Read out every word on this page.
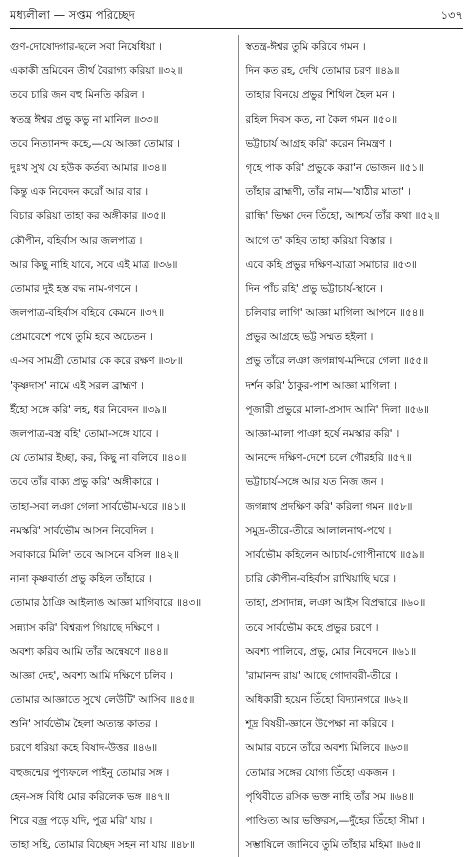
মধ্যলীলা — সপ্তম পরিচ্ছেদ	১৩৭
গুণ-দোষোদ্গার-ছলে সবা নিষেধিয়া ।
একাকী ভ্রমিবেন তীর্থ বৈরাগ্য করিয়া ॥৩২॥
তবে চারি জন বহু মিনতি করিল ।
স্বতন্ত্র ঈশ্বর প্রভু কভু না মানিল ॥৩৩॥
তবে নিত্যানন্দ কহে,—যে আজ্ঞা তোমার ।
দুঃখ সুখ যে হউক কর্তব্য আমার ॥৩৪॥
কিন্তু এক নিবেদন করোঁ আর বার ।
বিচার করিয়া তাহা কর অঙ্গীকার ॥৩৫॥
কৌপীন, বহির্বাস আর জলপাত্র ।
আর কিছু নাহি যাবে, সবে এই মাত্র ॥৩৬॥
তোমার দুই হস্ত বদ্ধ নাম-গণনে ।
জলপাত্র-বহির্বাস বহিবে কেমনে ॥৩৭॥
প্রেমাবেশে পথে তুমি হবে অচেতন ।
এ-সব সামগ্রী তোমার কে করে রক্ষণ ॥৩৮॥
'কৃষ্ণদাস' নামে এই সরল ব্রাহ্মণ ।
ইঁহো সঙ্গে করি' লহ, ধর নিবেদন ॥৩৯॥
জলপাত্র-বস্ত্র বহি' তোমা-সঙ্গে যাবে ।
যে তোমার ইচ্ছা, কর, কিছু না বলিবে ॥৪০॥
তবে তাঁর বাক্য প্রভু করি' অঙ্গীকারে ।
তাহা-সবা লঞা গেলা সার্বভৌম-ঘরে ॥৪১॥
নমস্করি' সার্বভৌম আসন নিবেদিল ।
সবাকারে মিলি' তবে আসনে বসিল ॥৪২॥
নানা কৃষ্ণবার্তা প্রভু কহিল তাঁহারে ।
তোমার ঠাঞি আইলাঙ আজ্ঞা মাগিবারে ॥৪৩॥
সন্ন্যাস করি' বিশ্বরূপ গিয়াছে দক্ষিণে ।
অবশ্য করিব আমি তাঁর অন্বেষণে ॥৪৪॥
আজ্ঞা দেহ', অবশ্য আমি দক্ষিণে চলিব ।
তোমার আজ্ঞাতে সুখে লেউটি' আসিব ॥৪৫॥
শুনি' সার্বভৌম হৈলা অত্যন্ত কাতর ।
চরণে ধরিয়া কহে বিষাদ-উত্তর ॥৪৬॥
বহুজন্মের পুণ্যফলে পাইনু তোমার সঙ্গ ।
হেন-সঙ্গ বিধি মোর করিলেক ভঙ্গ ॥৪৭॥
শিরে বজ্র পড়ে যদি, পুত্র মরি' যায় ।
তাহা সহি, তোমার বিচ্ছেদ সহন না যায় ॥৪৮॥
স্বতন্ত্র-ঈশ্বর তুমি করিবে গমন ।
দিন কত রহ, দেখি তোমার চরণ ॥৪৯॥
তাহার বিনয়ে প্রভুর শিথিল হৈল মন ।
রহিল দিবস কত, না কৈল গমন ॥৫০॥
ভট্টাচার্য আগ্রহ করি' করেন নিমন্ত্রণ ।
গৃহে পাক করি' প্রভুকে করা'ন ভোজন ॥৫১॥
তাঁহার ব্রাহ্মণী, তাঁর নাম—'ষাঠীর মাতা' ।
রান্ধি' ভিক্ষা দেন তিঁহো, আশ্চর্য তাঁর কথা ॥৫২॥
আগে ত' কহিব তাহা করিয়া বিস্তার ।
এবে কহি প্রভুর দক্ষিণ-যাত্রা সমাচার ॥৫৩॥
দিন পাঁচ রহি' প্রভু ভট্টাচার্য-স্থানে ।
চলিবার লাগি' আজ্ঞা মাগিলা আপনে ॥৫৪॥
প্রভুর আগ্রহে ভট্ট সম্মত হইলা ।
প্রভু তাঁরে লঞা জগন্নাথ-মন্দিরে গেলা ॥৫৫॥
দর্শন করি' ঠাকুর-পাশ আজ্ঞা মাগিলা ।
পূজারী প্রভুরে মালা-প্রসাদ আনি' দিলা ॥৫৬॥
আজ্ঞা-মালা পাঞা হর্ষে নমস্কার করি' ।
আনন্দে দক্ষিণ-দেশে চলে গৌরহরি ॥৫৭॥
ভট্টাচার্য-সঙ্গে আর যত নিজ জন ।
জগন্নাথ প্রদক্ষিণ করি' করিলা গমন ॥৫৮॥
সমুদ্র-তীরে-তীরে আলালনাথ-পথে ।
সার্বভৌম কহিলেন আচার্য-গোপীনাথে ॥৫৯॥
চারি কৌপীন-বহির্বাস রাখিয়াছি ঘরে ।
তাহা, প্রসাদান্ন, লঞা আইস বিপ্রদ্বারে ॥৬০॥
তবে সার্বভৌম কহে প্রভুর চরণে ।
অবশ্য পালিবে, প্রভু, মোর নিবেদনে ॥৬১॥
'রামানন্দ রায়' আছে গোদাবরী-তীরে ।
অধিকারী হয়েন তিঁহো বিদ্যানগরে ॥৬২॥
শূদ্র বিষয়ী-জ্ঞানে উপেক্ষা না করিবে ।
আমার বচনে তাঁরে অবশ্য মিলিবে ॥৬৩॥
তোমার সঙ্গের যোগ্য তিঁহো একজন ।
পৃথিবীতে রসিক ভক্ত নাহি তাঁর সম ॥৬৪॥
পাণ্ডিত্য আর ভক্তিরস,—দুঁহের তিঁহো সীমা ।
সম্ভাষিলে জানিবে তুমি তাঁহার মহিমা ॥৬৫॥
